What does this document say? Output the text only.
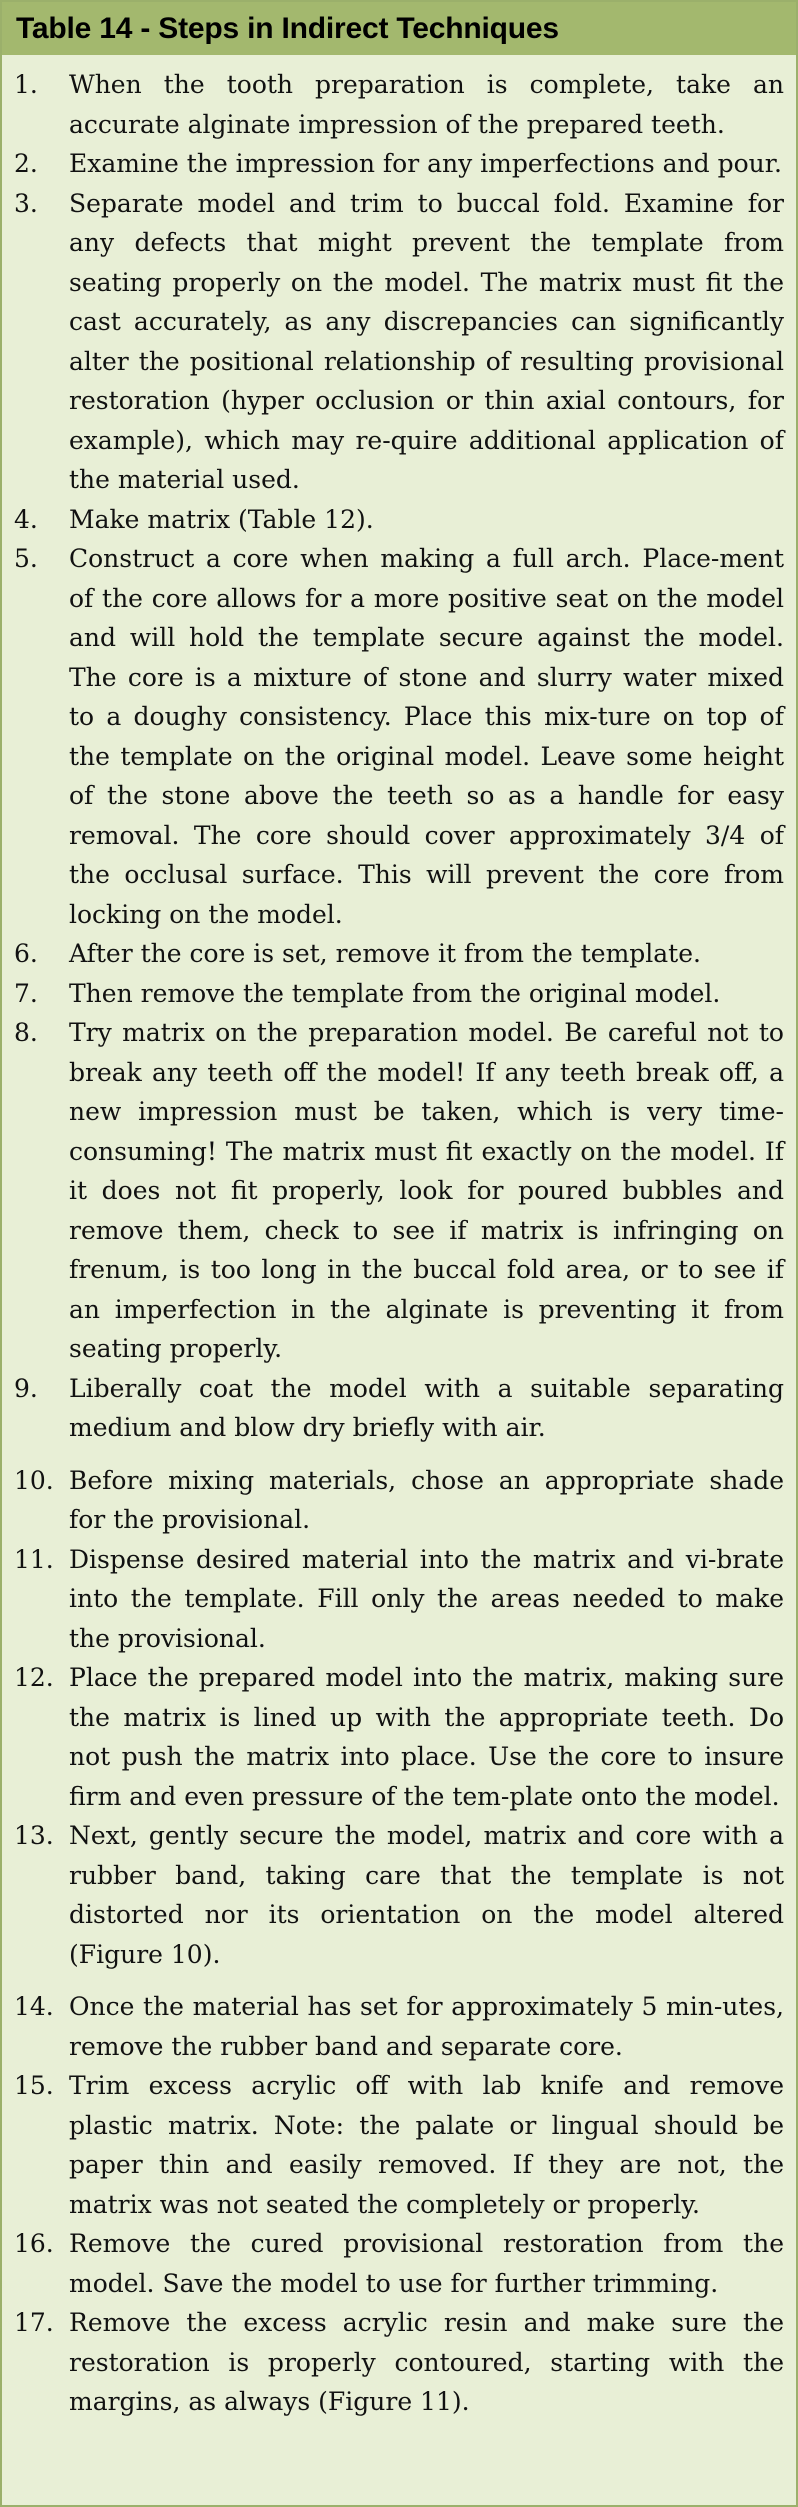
Table 14 - Steps in Indirect Techniques
1.	When the tooth preparation is complete, take an accurate alginate impression of the prepared teeth.
2.	Examine the impression for any imperfections and pour.
3.	Separate model and trim to buccal fold. Examine for any defects that might prevent the template from seating properly on the model. The matrix must fit the cast accurately, as any discrepancies can significantly alter the positional relationship of resulting provisional restoration (hyper occlusion or thin axial contours, for example), which may re-quire additional application of the material used.
4.	Make matrix (Table 12).
5.	Construct a core when making a full arch. Place-ment of the core allows for a more positive seat on the model and will hold the template secure against the model. The core is a mixture of stone and slurry water mixed to a doughy consistency. Place this mix-ture on top of the template on the original model. Leave some height of the stone above the teeth so as a handle for easy removal. The core should cover approximately 3/4 of the occlusal surface. This will prevent the core from locking on the model.
6.	After the core is set, remove it from the template.
7.	Then remove the template from the original model.
8.	Try matrix on the preparation model. Be careful not to break any teeth off the model! If any teeth break off, a new impression must be taken, which is very time-consuming! The matrix must fit exactly on the model. If it does not fit properly, look for poured bubbles and remove them, check to see if matrix is infringing on frenum, is too long in the buccal fold area, or to see if an imperfection in the alginate is preventing it from seating properly.
9.	Liberally coat the model with a suitable separating medium and blow dry briefly with air.
10. Before mixing materials, chose an appropriate shade for the provisional.
11. Dispense desired material into the matrix and vi-brate into the template. Fill only the areas needed to make the provisional.
12. Place the prepared model into the matrix, making sure the matrix is lined up with the appropriate teeth. Do not push the matrix into place. Use the core to insure firm and even pressure of the tem-plate onto the model.
13. Next, gently secure the model, matrix and core with a rubber band, taking care that the template is not distorted nor its orientation on the model altered (Figure 10).
14. Once the material has set for approximately 5 min-utes, remove the rubber band and separate core.
15. Trim excess acrylic off with lab knife and remove plastic matrix. Note: the palate or lingual should be paper thin and easily removed. If they are not, the matrix was not seated the completely or properly.
16. Remove the cured provisional restoration from the model. Save the model to use for further trimming.
17. Remove the excess acrylic resin and make sure the restoration is properly contoured, starting with the margins, as always (Figure 11).
